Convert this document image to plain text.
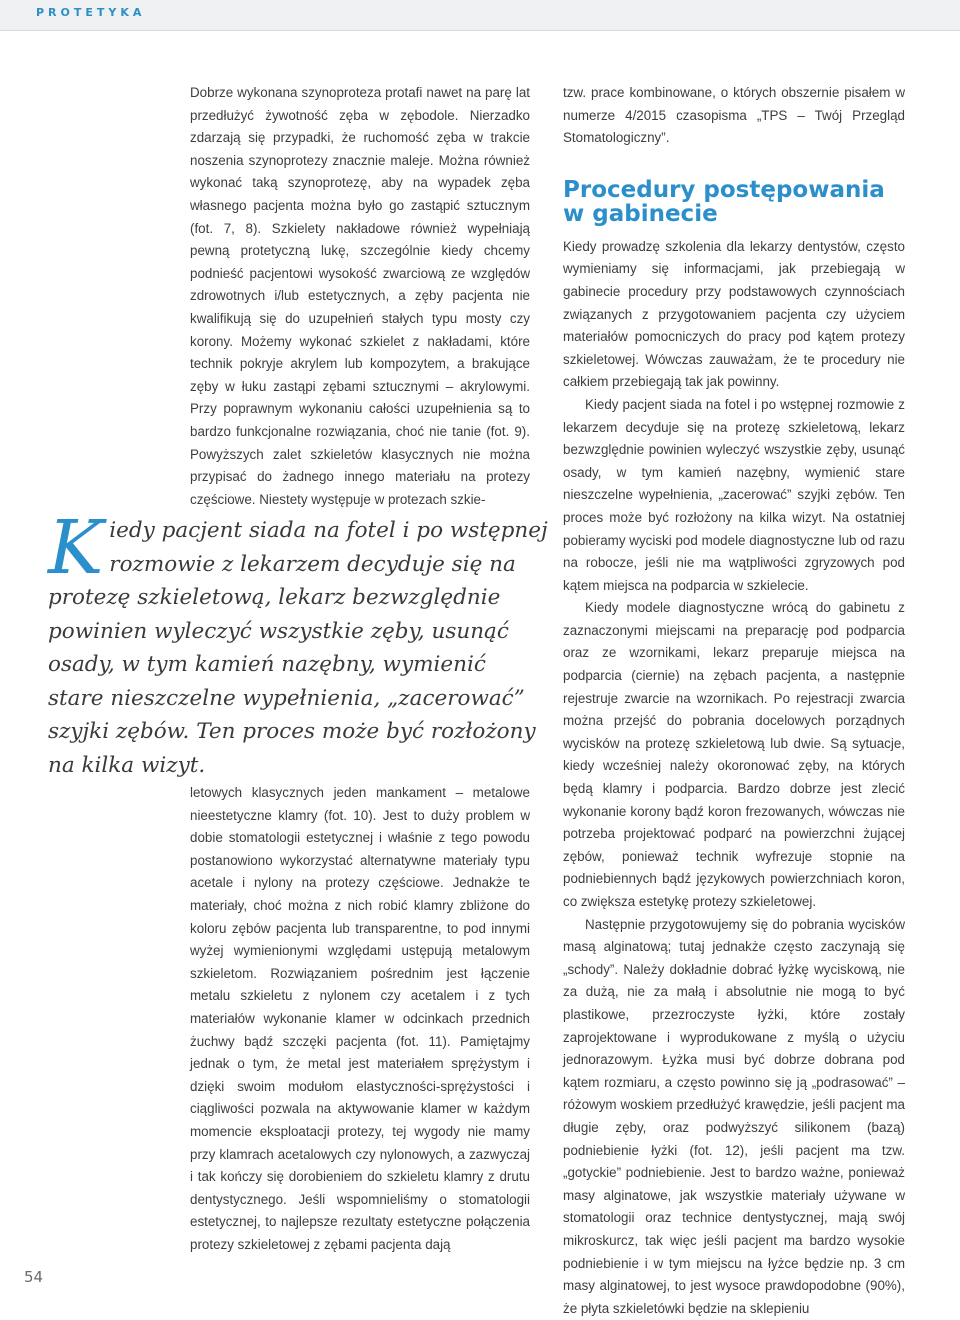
PROTETYKA

Dobrze wykonana szynoproteza protafi nawet na parę lat przedłużyć żywotność zęba w zębodole. Nierzadko zdarzają się przypadki, że ruchomość zęba w trakcie noszenia szynoprotezy znacznie maleje. Można również wykonać taką szynoprotezę, aby na wypadek zęba własnego pacjenta można było go zastąpić sztucznym (fot. 7, 8). Szkielety nakładowe również wypełniają pewną protetyczną lukę, szczególnie kiedy chcemy podnieść pacjentowi wysokość zwarciową ze względów zdrowotnych i/lub estetycznych, a zęby pacjenta nie kwalifikują się do uzupełnień stałych typu mosty czy korony. Możemy wykonać szkielet z nakładami, które technik pokryje akrylem lub kompozytem, a brakujące zęby w łuku zastąpi zębami sztucznymi – akrylowymi. Przy poprawnym wykonaniu całości uzupełnienia są to bardzo funkcjonalne rozwiązania, choć nie tanie (fot. 9). Powyższych zalet szkieletów klasycznych nie można przypisać do żadnego innego materiału na protezy częściowe. Niestety występuje w protezach szkie-

K iedy pacjent siada na fotel i po wstępnej rozmowie z lekarzem decyduje się na protezę szkieletową, lekarz bezwzględnie powinien wyleczyć wszystkie zęby, usunąć osady, w tym kamień nazębny, wymienić stare nieszczelne wypełnienia, „zacerować” szyjki zębów. Ten proces może być rozłożony na kilka wizyt.

letowych klasycznych jeden mankament – metalowe nieestetyczne klamry (fot. 10). Jest to duży problem w dobie stomatologii estetycznej i właśnie z tego powodu postanowiono wykorzystać alternatywne materiały typu acetale i nylony na protezy częściowe. Jednakże te materiały, choć można z nich robić klamry zbliżone do koloru zębów pacjenta lub transparentne, to pod innymi wyżej wymienionymi względami ustępują metalowym szkieletom. Rozwiązaniem pośrednim jest łączenie metalu szkieletu z nylonem czy acetalem i z tych materiałów wykonanie klamer w odcinkach przednich żuchwy bądź szczęki pacjenta (fot. 11). Pamiętajmy jednak o tym, że metal jest materiałem sprężystym i dzięki swoim modułom elastyczności-sprężystości i ciągliwości pozwala na aktywowanie klamer w każdym momencie eksploatacji protezy, tej wygody nie mamy przy klamrach acetalowych czy nylonowych, a zazwyczaj i tak kończy się dorobieniem do szkieletu klamry z drutu dentystycznego. Jeśli wspomnieliśmy o stomatologii estetycznej, to najlepsze rezultaty estetyczne połączenia protezy szkieletowej z zębami pacjenta dają

tzw. prace kombinowane, o których obszernie pisałem w numerze 4/2015 czasopisma „TPS – Twój Przegląd Stomatologiczny”.

Procedury postępowania w gabinecie

Kiedy prowadzę szkolenia dla lekarzy dentystów, często wymieniamy się informacjami, jak przebiegają w gabinecie procedury przy podstawowych czynnościach związanych z przygotowaniem pacjenta czy użyciem materiałów pomocniczych do pracy pod kątem protezy szkieletowej. Wówczas zauważam, że te procedury nie całkiem przebiegają tak jak powinny.

Kiedy pacjent siada na fotel i po wstępnej rozmowie z lekarzem decyduje się na protezę szkieletową, lekarz bezwzględnie powinien wyleczyć wszystkie zęby, usunąć osady, w tym kamień nazębny, wymienić stare nieszczelne wypełnienia, „zacerować” szyjki zębów. Ten proces może być rozłożony na kilka wizyt. Na ostatniej pobieramy wyciski pod modele diagnostyczne lub od razu na robocze, jeśli nie ma wątpliwości zgryzowych pod kątem miejsca na podparcia w szkielecie.

Kiedy modele diagnostyczne wrócą do gabinetu z zaznaczonymi miejscami na preparację pod podparcia oraz ze wzornikami, lekarz preparuje miejsca na podparcia (ciernie) na zębach pacjenta, a następnie rejestruje zwarcie na wzornikach. Po rejestracji zwarcia można przejść do pobrania docelowych porządnych wycisków na protezę szkieletową lub dwie. Są sytuacje, kiedy wcześniej należy okoronować zęby, na których będą klamry i podparcia. Bardzo dobrze jest zlecić wykonanie korony bądź koron frezowanych, wówczas nie potrzeba projektować podparć na powierzchni żującej zębów, ponieważ technik wyfrezuje stopnie na podniebiennych bądź językowych powierzchniach koron, co zwiększa estetykę protezy szkieletowej.

Następnie przygotowujemy się do pobrania wycisków masą alginatową; tutaj jednakże często zaczynają się „schody”. Należy dokładnie dobrać łyżkę wyciskową, nie za dużą, nie za małą i absolutnie nie mogą to być plastikowe, przezroczyste łyżki, które zostały zaprojektowane i wyprodukowane z myślą o użyciu jednorazowym. Łyżka musi być dobrze dobrana pod kątem rozmiaru, a często powinno się ją „podrasować” – różowym woskiem przedłużyć krawędzie, jeśli pacjent ma długie zęby, oraz podwyższyć silikonem (bazą) podniebienie łyżki (fot. 12), jeśli pacjent ma tzw. „gotyckie” podniebienie. Jest to bardzo ważne, ponieważ masy alginatowe, jak wszystkie materiały używane w stomatologii oraz technice dentystycznej, mają swój mikroskurcz, tak więc jeśli pacjent ma bardzo wysokie podniebienie i w tym miejscu na łyżce będzie np. 3 cm masy alginatowej, to jest wysoce prawdopodobne (90%), że płyta szkieletówki będzie na sklepieniu

54
